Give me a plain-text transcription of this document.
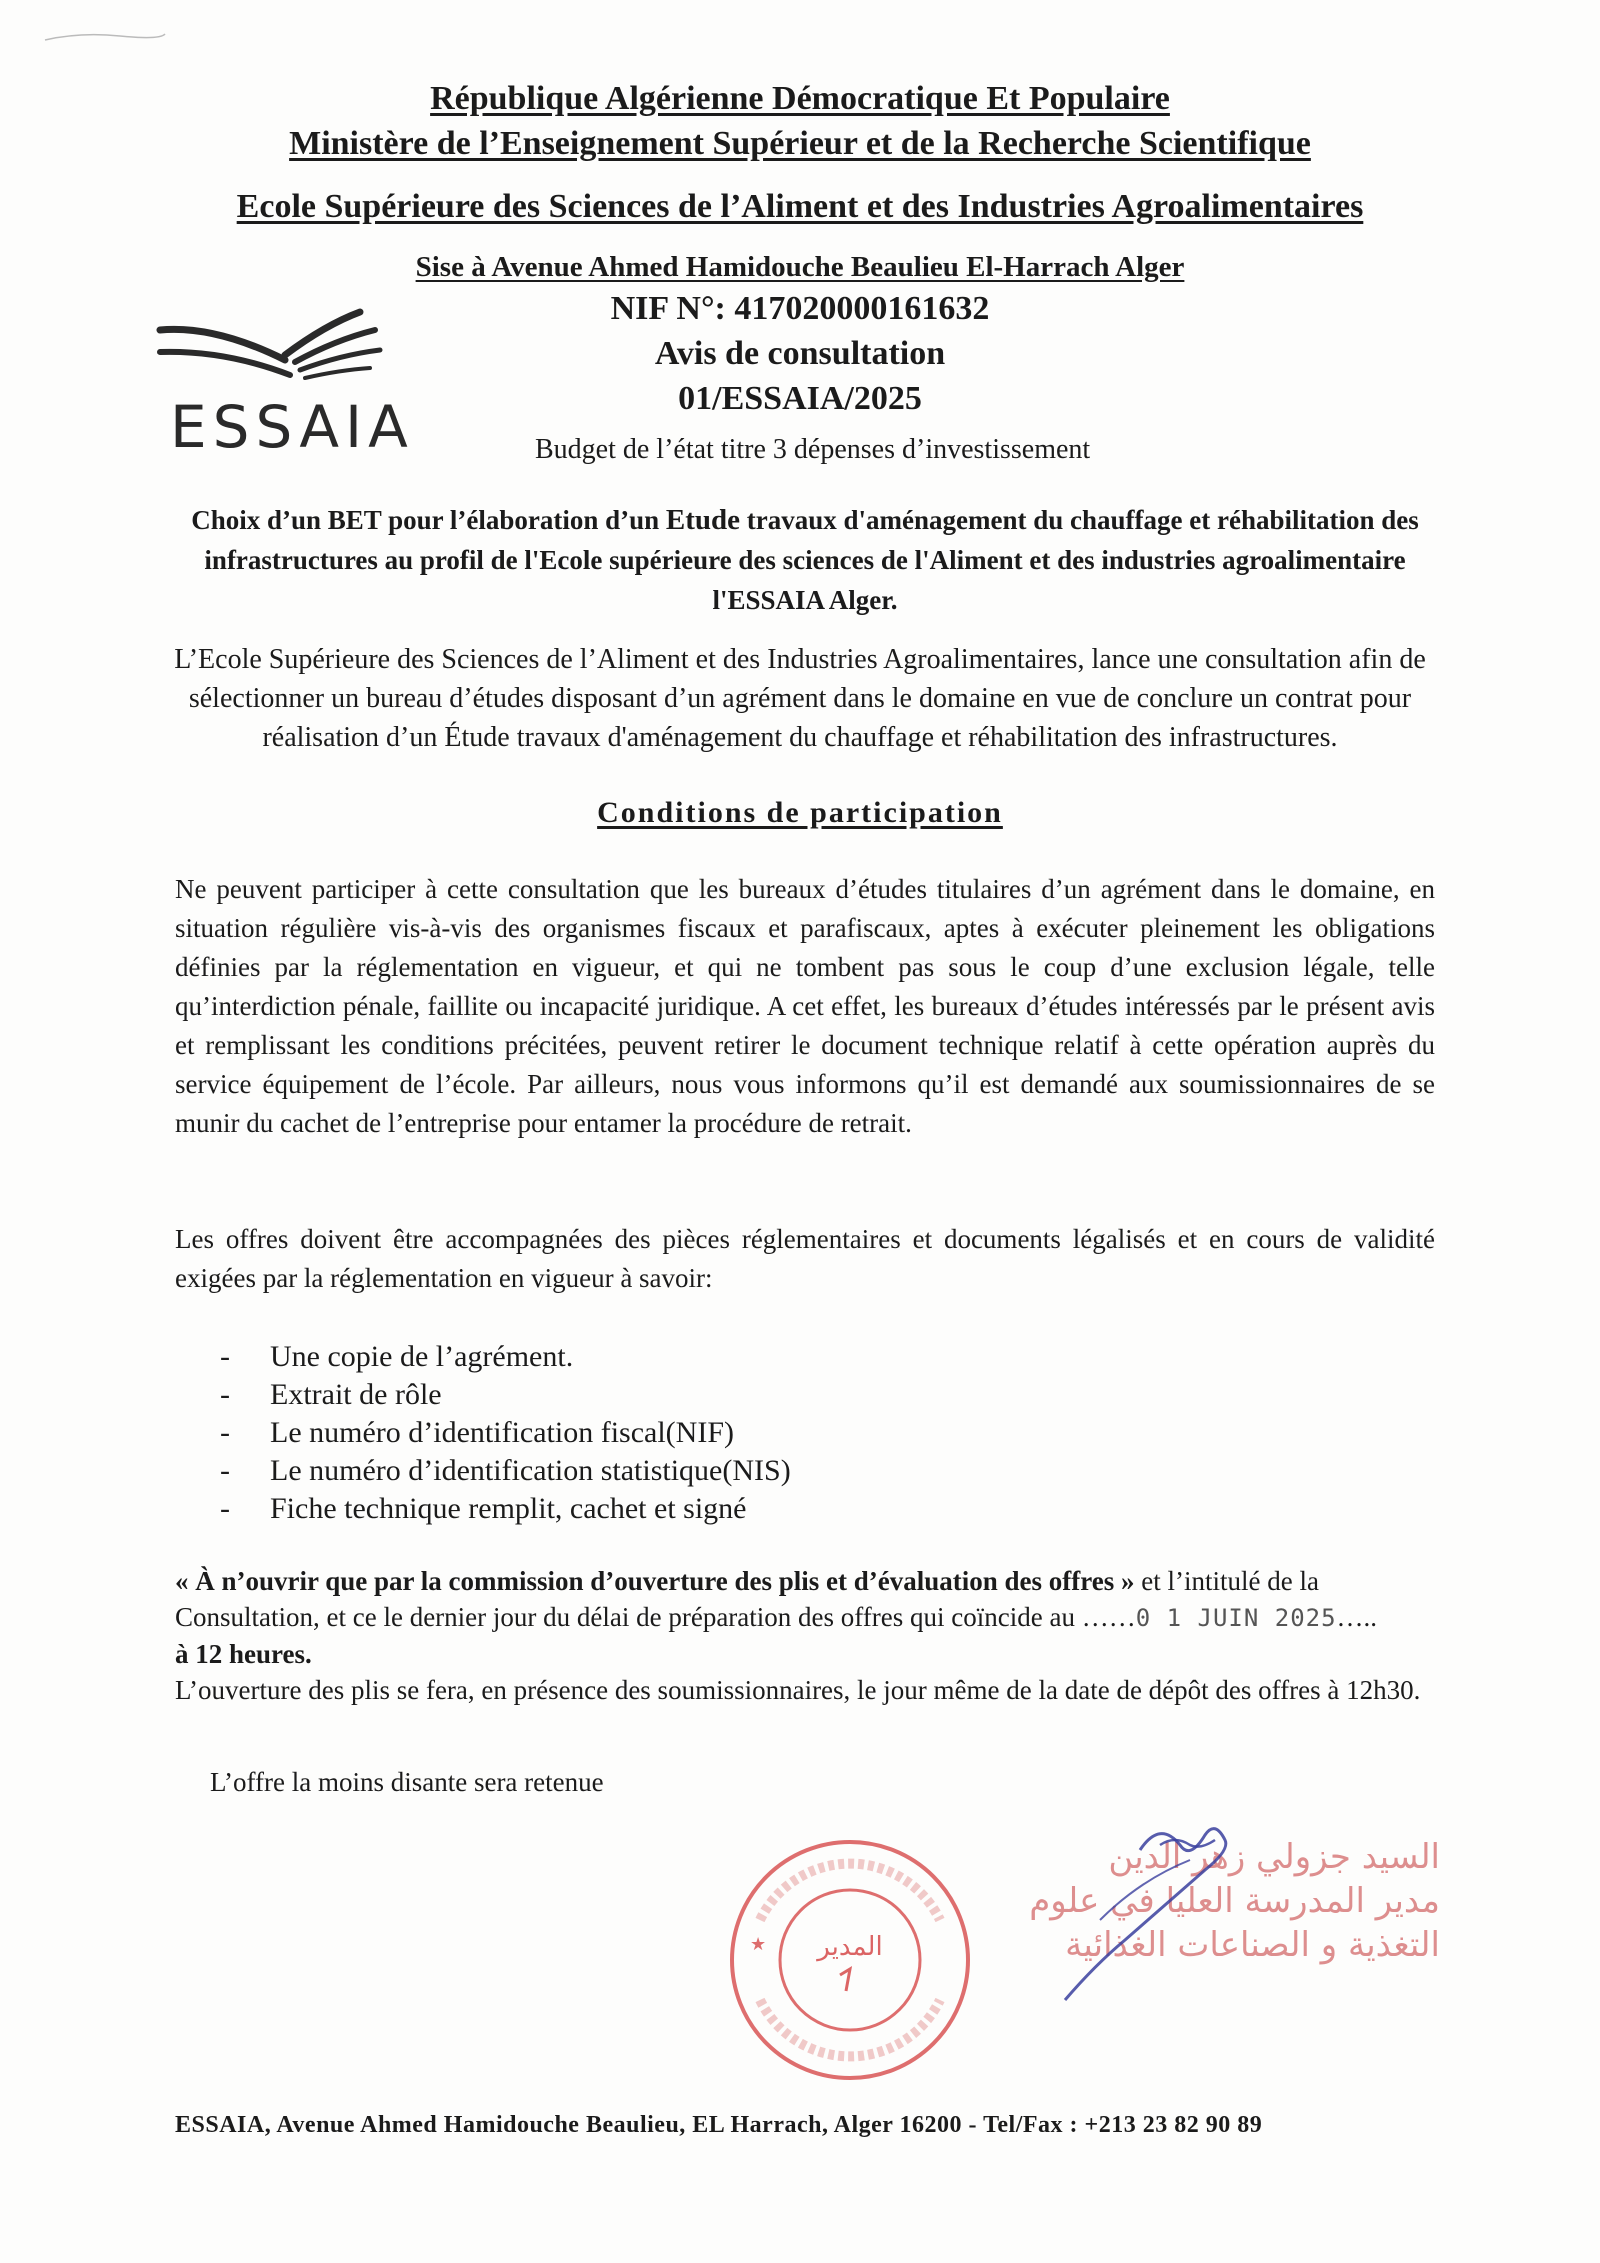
République Algérienne Démocratique Et Populaire
Ministère de l’Enseignement Supérieur et de la Recherche Scientifique
Ecole Supérieure des Sciences de l’Aliment et des Industries Agroalimentaires
Sise à Avenue Ahmed Hamidouche Beaulieu El-Harrach Alger
NIF N°: 417020000161632
Avis de consultation
01/ESSAIA/2025
Budget de l’état titre 3 dépenses d’investissement
ESSAIA
Choix d’un BET pour l’élaboration d’un Etude travaux d'aménagement du chauffage et réhabilitation des infrastructures au profil de l'Ecole supérieure des sciences de l'Aliment et des industries agroalimentaire l'ESSAIA Alger.
L’Ecole Supérieure des Sciences de l’Aliment et des Industries Agroalimentaires, lance une consultation afin de sélectionner un bureau d’études disposant d’un agrément dans le domaine en vue de conclure un contrat pour réalisation d’un Étude travaux d'aménagement du chauffage et réhabilitation des infrastructures.
Conditions de participation
Ne peuvent participer à cette consultation que les bureaux d’études titulaires d’un agrément dans le domaine, en situation régulière vis-à-vis des organismes fiscaux et parafiscaux, aptes à exécuter pleinement les obligations définies par la réglementation en vigueur, et qui ne tombent pas sous le coup d’une exclusion légale, telle qu’interdiction pénale, faillite ou incapacité juridique. A cet effet, les bureaux d’études intéressés par le présent avis et remplissant les conditions précitées, peuvent retirer le document technique relatif à cette opération auprès du service équipement de l’école. Par ailleurs, nous vous informons qu’il est demandé aux soumissionnaires de se munir du cachet de l’entreprise pour entamer la procédure de retrait.
Les offres doivent être accompagnées des pièces réglementaires et documents légalisés et en cours de validité exigées par la réglementation en vigueur à savoir:
- Une copie de l’agrément.
- Extrait de rôle
- Le numéro d’identification fiscal(NIF)
- Le numéro d’identification statistique(NIS)
- Fiche technique remplit, cachet et signé
« À n’ouvrir que par la commission d’ouverture des plis et d’évaluation des offres » et l’intitulé de la Consultation, et ce le dernier jour du délai de préparation des offres qui coïncide au ……0 1 JUIN 2025…..
à 12 heures.
L’ouverture des plis se fera, en présence des soumissionnaires, le jour même de la date de dépôt des offres à 12h30.
L’offre la moins disante sera retenue
المدير
★
السيد جزولي زهر الدين
مدير المدرسة العليا في علوم
التغذية و الصناعات الغذائية
ESSAIA, Avenue Ahmed Hamidouche Beaulieu, EL Harrach, Alger 16200 - Tel/Fax : +213 23 82 90 89
